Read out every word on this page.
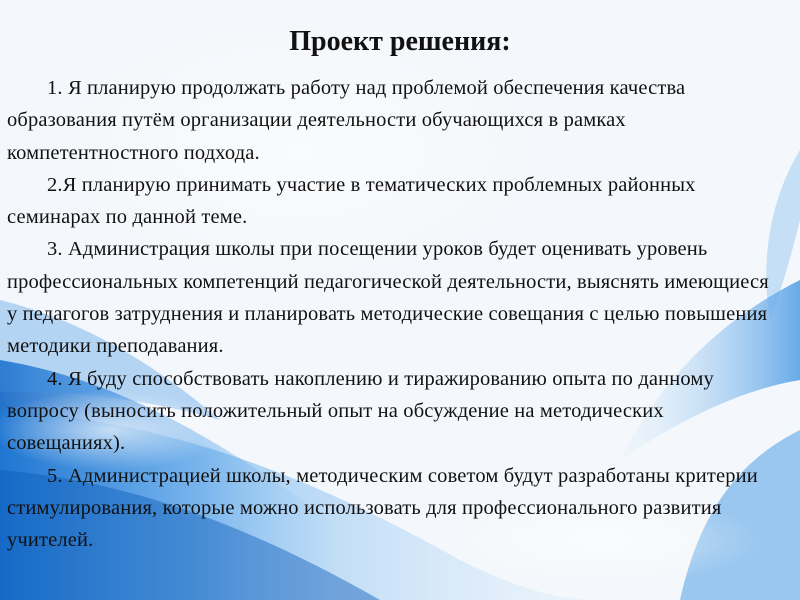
Проект решения:

1. Я планирую продолжать работу над проблемой обеспечения качества образования путём организации деятельности обучающихся в рамках компетентностного подхода.

2.Я планирую принимать участие в тематических проблемных районных семинарах по данной теме.

3. Администрация школы при посещении уроков будет оценивать уровень профессиональных компетенций педагогической деятельности, выяснять имеющиеся у педагогов затруднения и планировать методические совещания с целью повышения методики преподавания.

4. Я буду способствовать накоплению и тиражированию опыта по данному вопросу (выносить положительный опыт на обсуждение на методических совещаниях).

5. Администрацией школы, методическим советом будут разработаны критерии стимулирования, которые можно использовать для профессионального развития учителей.
